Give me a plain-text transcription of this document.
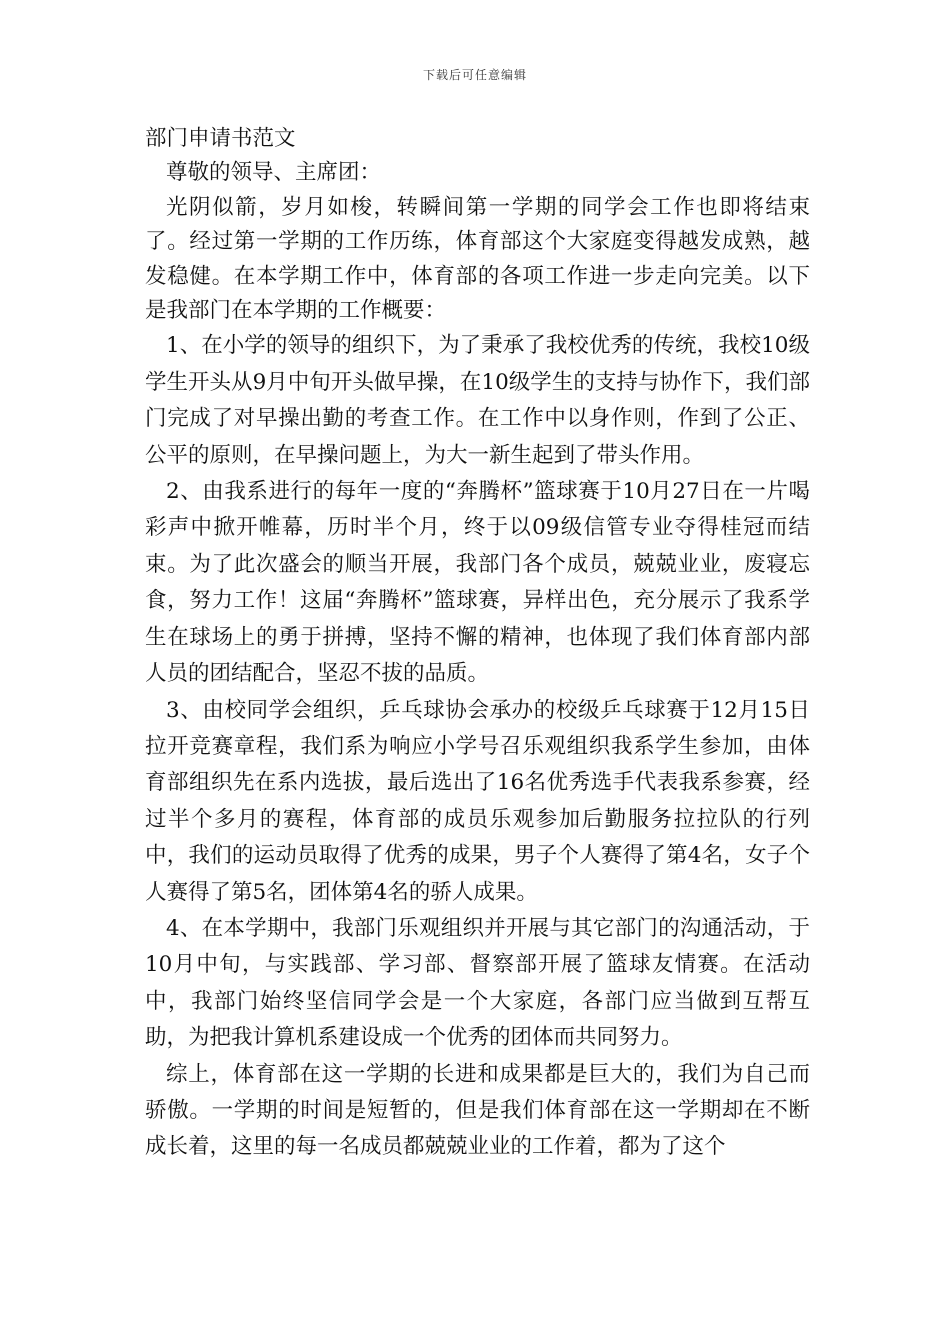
下载后可任意编辑

部门申请书范文

尊敬的领导、主席团：

光阴似箭，岁月如梭，转瞬间第一学期的同学会工作也即将结束了。经过第一学期的工作历练，体育部这个大家庭变得越发成熟，越发稳健。在本学期工作中，体育部的各项工作进一步走向完美。以下是我部门在本学期的工作概要：

1、在小学的领导的组织下，为了秉承了我校优秀的传统，我校10级学生开头从9月中旬开头做早操，在10级学生的支持与协作下，我们部门完成了对早操出勤的考查工作。在工作中以身作则，作到了公正、公平的原则，在早操问题上，为大一新生起到了带头作用。

2、由我系进行的每年一度的“奔腾杯”篮球赛于10月27日在一片喝彩声中掀开帷幕，历时半个月，终于以09级信管专业夺得桂冠而结束。为了此次盛会的顺当开展，我部门各个成员，兢兢业业，废寝忘食，努力工作！这届“奔腾杯”篮球赛，异样出色，充分展示了我系学生在球场上的勇于拼搏，坚持不懈的精神，也体现了我们体育部内部人员的团结配合，坚忍不拔的品质。

3、由校同学会组织，乒乓球协会承办的校级乒乓球赛于12月15日拉开竞赛章程，我们系为响应小学号召乐观组织我系学生参加，由体育部组织先在系内选拔，最后选出了16名优秀选手代表我系参赛，经过半个多月的赛程，体育部的成员乐观参加后勤服务拉拉队的行列中，我们的运动员取得了优秀的成果，男子个人赛得了第4名，女子个人赛得了第5名，团体第4名的骄人成果。

4、在本学期中，我部门乐观组织并开展与其它部门的沟通活动，于10月中旬，与实践部、学习部、督察部开展了篮球友情赛。在活动中，我部门始终坚信同学会是一个大家庭，各部门应当做到互帮互助，为把我计算机系建设成一个优秀的团体而共同努力。

综上，体育部在这一学期的长进和成果都是巨大的，我们为自己而骄傲。一学期的时间是短暂的，但是我们体育部在这一学期却在不断成长着，这里的每一名成员都兢兢业业的工作着，都为了这个
